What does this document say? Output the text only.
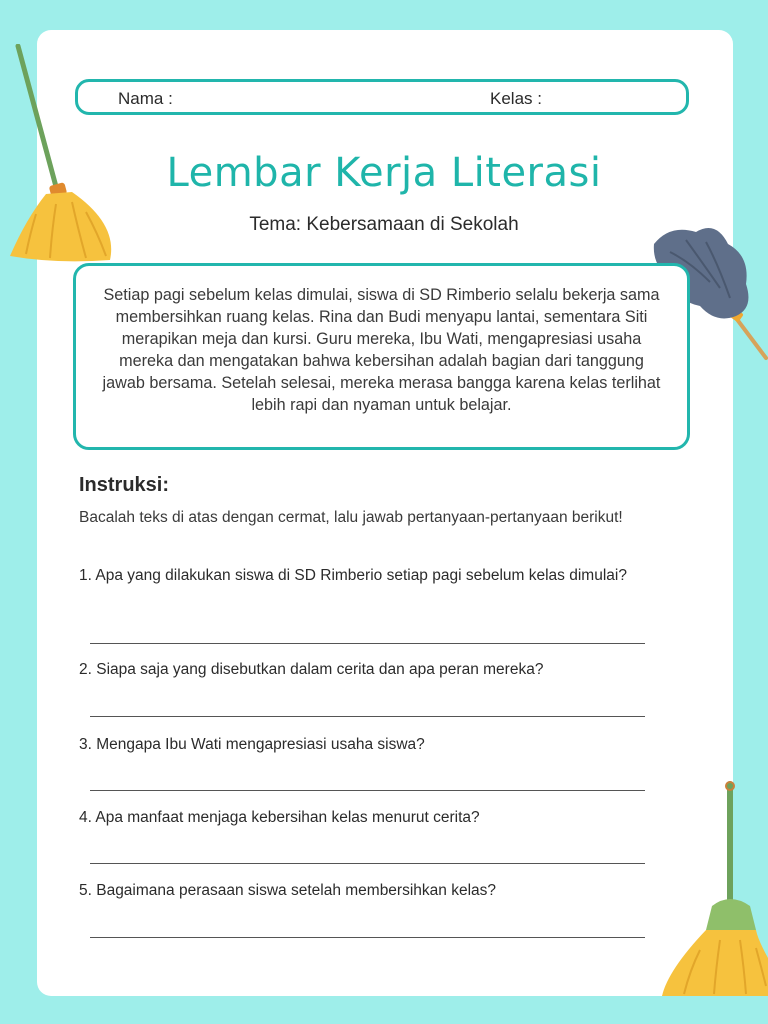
Nama :	Kelas :
Lembar Kerja Literasi
Tema: Kebersamaan di Sekolah
Setiap pagi sebelum kelas dimulai, siswa di SD Rimberio selalu bekerja sama membersihkan ruang kelas. Rina dan Budi menyapu lantai, sementara Siti merapikan meja dan kursi. Guru mereka, Ibu Wati, mengapresiasi usaha mereka dan mengatakan bahwa kebersihan adalah bagian dari tanggung jawab bersama. Setelah selesai, mereka merasa bangga karena kelas terlihat lebih rapi dan nyaman untuk belajar.
Instruksi:
Bacalah teks di atas dengan cermat, lalu jawab pertanyaan-pertanyaan berikut!
1. Apa yang dilakukan siswa di SD Rimberio setiap pagi sebelum kelas dimulai?
2. Siapa saja yang disebutkan dalam cerita dan apa peran mereka?
3. Mengapa Ibu Wati mengapresiasi usaha siswa?
4. Apa manfaat menjaga kebersihan kelas menurut cerita?
5. Bagaimana perasaan siswa setelah membersihkan kelas?
